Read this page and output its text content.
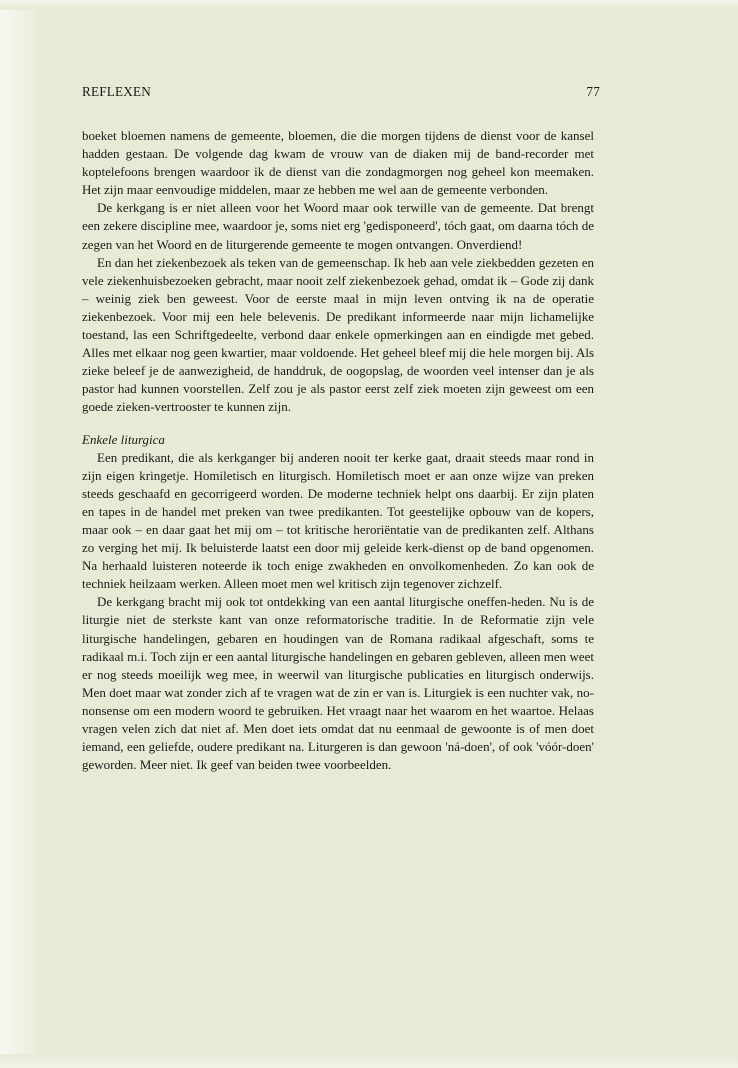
REFLEXEN	77

boeket bloemen namens de gemeente, bloemen, die die morgen tijdens de dienst voor de kansel hadden gestaan. De volgende dag kwam de vrouw van de diaken mij de band-recorder met koptelefoons brengen waardoor ik de dienst van die zondagmorgen nog geheel kon meemaken. Het zijn maar eenvoudige middelen, maar ze hebben me wel aan de gemeente verbonden.

De kerkgang is er niet alleen voor het Woord maar ook terwille van de gemeente. Dat brengt een zekere discipline mee, waardoor je, soms niet erg 'gedisponeerd', tóch gaat, om daarna tóch de zegen van het Woord en de liturgerende gemeente te mogen ontvangen. Onverdiend!

En dan het ziekenbezoek als teken van de gemeenschap. Ik heb aan vele ziekbedden gezeten en vele ziekenhuisbezoeken gebracht, maar nooit zelf ziekenbezoek gehad, omdat ik – Gode zij dank – weinig ziek ben geweest. Voor de eerste maal in mijn leven ontving ik na de operatie ziekenbezoek. Voor mij een hele belevenis. De predikant informeerde naar mijn lichamelijke toestand, las een Schriftgedeelte, verbond daar enkele opmerkingen aan en eindigde met gebed. Alles met elkaar nog geen kwartier, maar voldoende. Het geheel bleef mij die hele morgen bij. Als zieke beleef je de aanwezigheid, de handdruk, de oogopslag, de woorden veel intenser dan je als pastor had kunnen voorstellen. Zelf zou je als pastor eerst zelf ziek moeten zijn geweest om een goede zieken-vertrooster te kunnen zijn.

Enkele liturgica

Een predikant, die als kerkganger bij anderen nooit ter kerke gaat, draait steeds maar rond in zijn eigen kringetje. Homiletisch en liturgisch. Homiletisch moet er aan onze wijze van preken steeds geschaafd en gecorrigeerd worden. De moderne techniek helpt ons daarbij. Er zijn platen en tapes in de handel met preken van twee predikanten. Tot geestelijke opbouw van de kopers, maar ook – en daar gaat het mij om – tot kritische heroriëntatie van de predikanten zelf. Althans zo verging het mij. Ik beluisterde laatst een door mij geleide kerk-dienst op de band opgenomen. Na herhaald luisteren noteerde ik toch enige zwakheden en onvolkomenheden. Zo kan ook de techniek heilzaam werken. Alleen moet men wel kritisch zijn tegenover zichzelf.

De kerkgang bracht mij ook tot ontdekking van een aantal liturgische oneffen-heden. Nu is de liturgie niet de sterkste kant van onze reformatorische traditie. In de Reformatie zijn vele liturgische handelingen, gebaren en houdingen van de Romana radikaal afgeschaft, soms te radikaal m.i. Toch zijn er een aantal liturgische handelingen en gebaren gebleven, alleen men weet er nog steeds moeilijk weg mee, in weerwil van liturgische publicaties en liturgisch onderwijs. Men doet maar wat zonder zich af te vragen wat de zin er van is. Liturgiek is een nuchter vak, no-nonsense om een modern woord te gebruiken. Het vraagt naar het waarom en het waartoe. Helaas vragen velen zich dat niet af. Men doet iets omdat dat nu eenmaal de gewoonte is of men doet iemand, een geliefde, oudere predikant na. Liturgeren is dan gewoon 'ná-doen', of ook 'vóór-doen' geworden. Meer niet. Ik geef van beiden twee voorbeelden.
